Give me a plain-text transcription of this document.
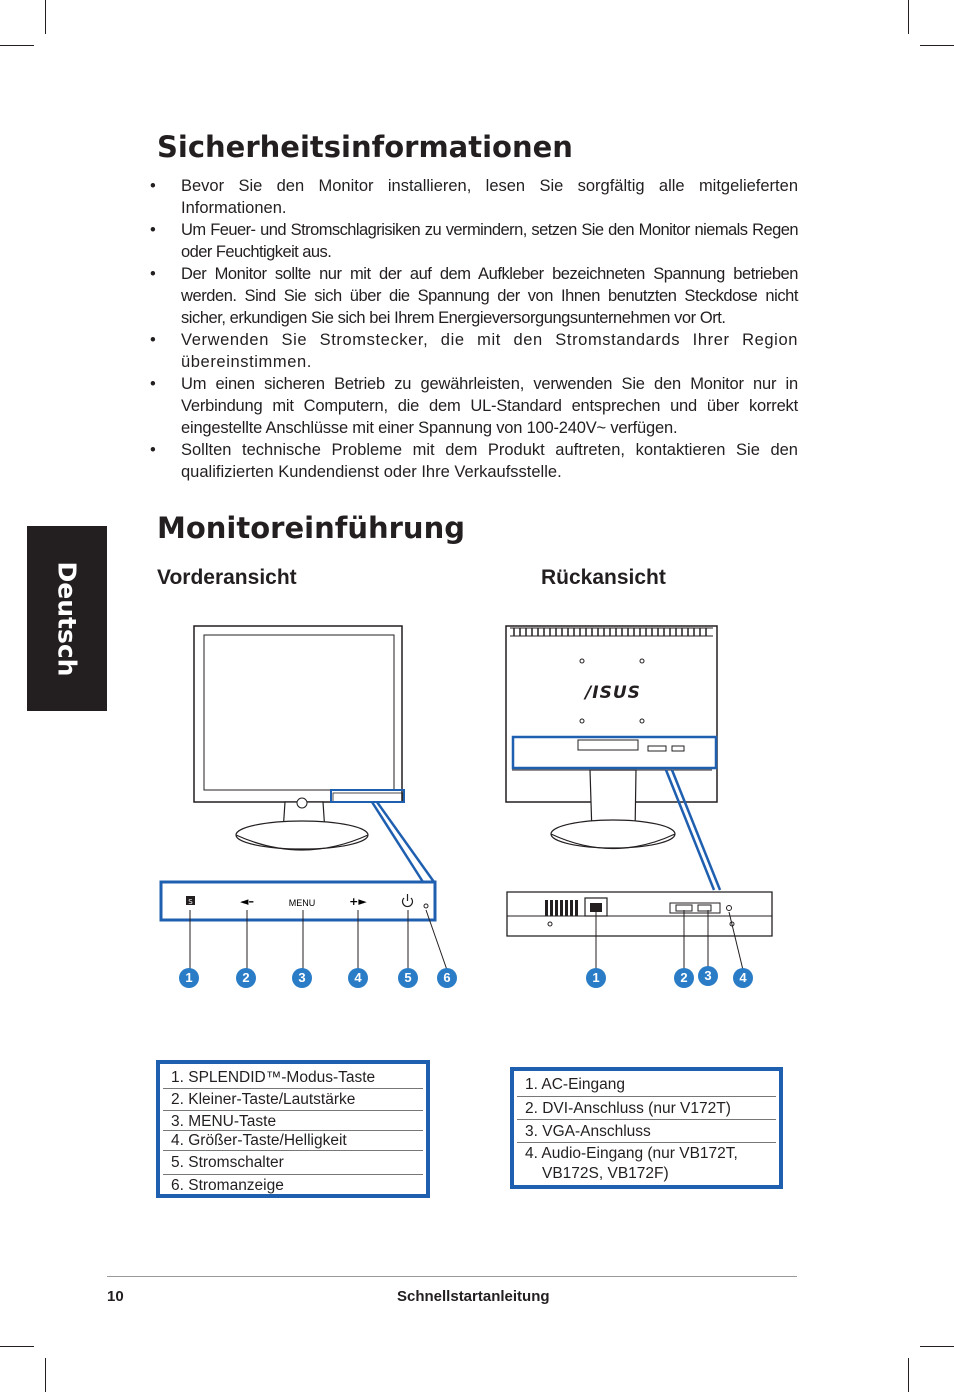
Deutsch
Sicherheitsinformationen
• Bevor Sie den Monitor installieren, lesen Sie sorgfältig alle mitgelieferten Informationen.
• Um Feuer- und Stromschlagrisiken zu vermindern, setzen Sie den Monitor niemals Regen oder Feuchtigkeit aus.
• Der Monitor sollte nur mit der auf dem Aufkleber bezeichneten Spannung betrieben werden. Sind Sie sich über die Spannung der von Ihnen benutzten Steckdose nicht sicher, erkundigen Sie sich bei Ihrem Energieversorgungsunternehmen vor Ort.
• Verwenden Sie Stromstecker, die mit den Stromstandards Ihrer Region übereinstimmen.
• Um einen sicheren Betrieb zu gewährleisten, verwenden Sie den Monitor nur in Verbindung mit Computern, die dem UL-Standard entsprechen und über korrekt eingestellte Anschlüsse mit einer Spannung von 100-240V~ verfügen.
• Sollten technische Probleme mit dem Produkt auftreten, kontaktieren Sie den qualifizierten Kundendienst oder Ihre Verkaufsstelle.
Monitoreinführung
Vorderansicht	Rückansicht
S	◄–	MENU	+►
1	2	3	4	5	6
/ISUS
1	2	3	4
1. SPLENDID™-Modus-Taste
2. Kleiner-Taste/Lautstärke
3. MENU-Taste
4. Größer-Taste/Helligkeit
5. Stromschalter
6. Stromanzeige
1. AC-Eingang
2. DVI-Anschluss (nur V172T)
3. VGA-Anschluss
4. Audio-Eingang (nur VB172T,
VB172S, VB172F)
10	Schnellstartanleitung
